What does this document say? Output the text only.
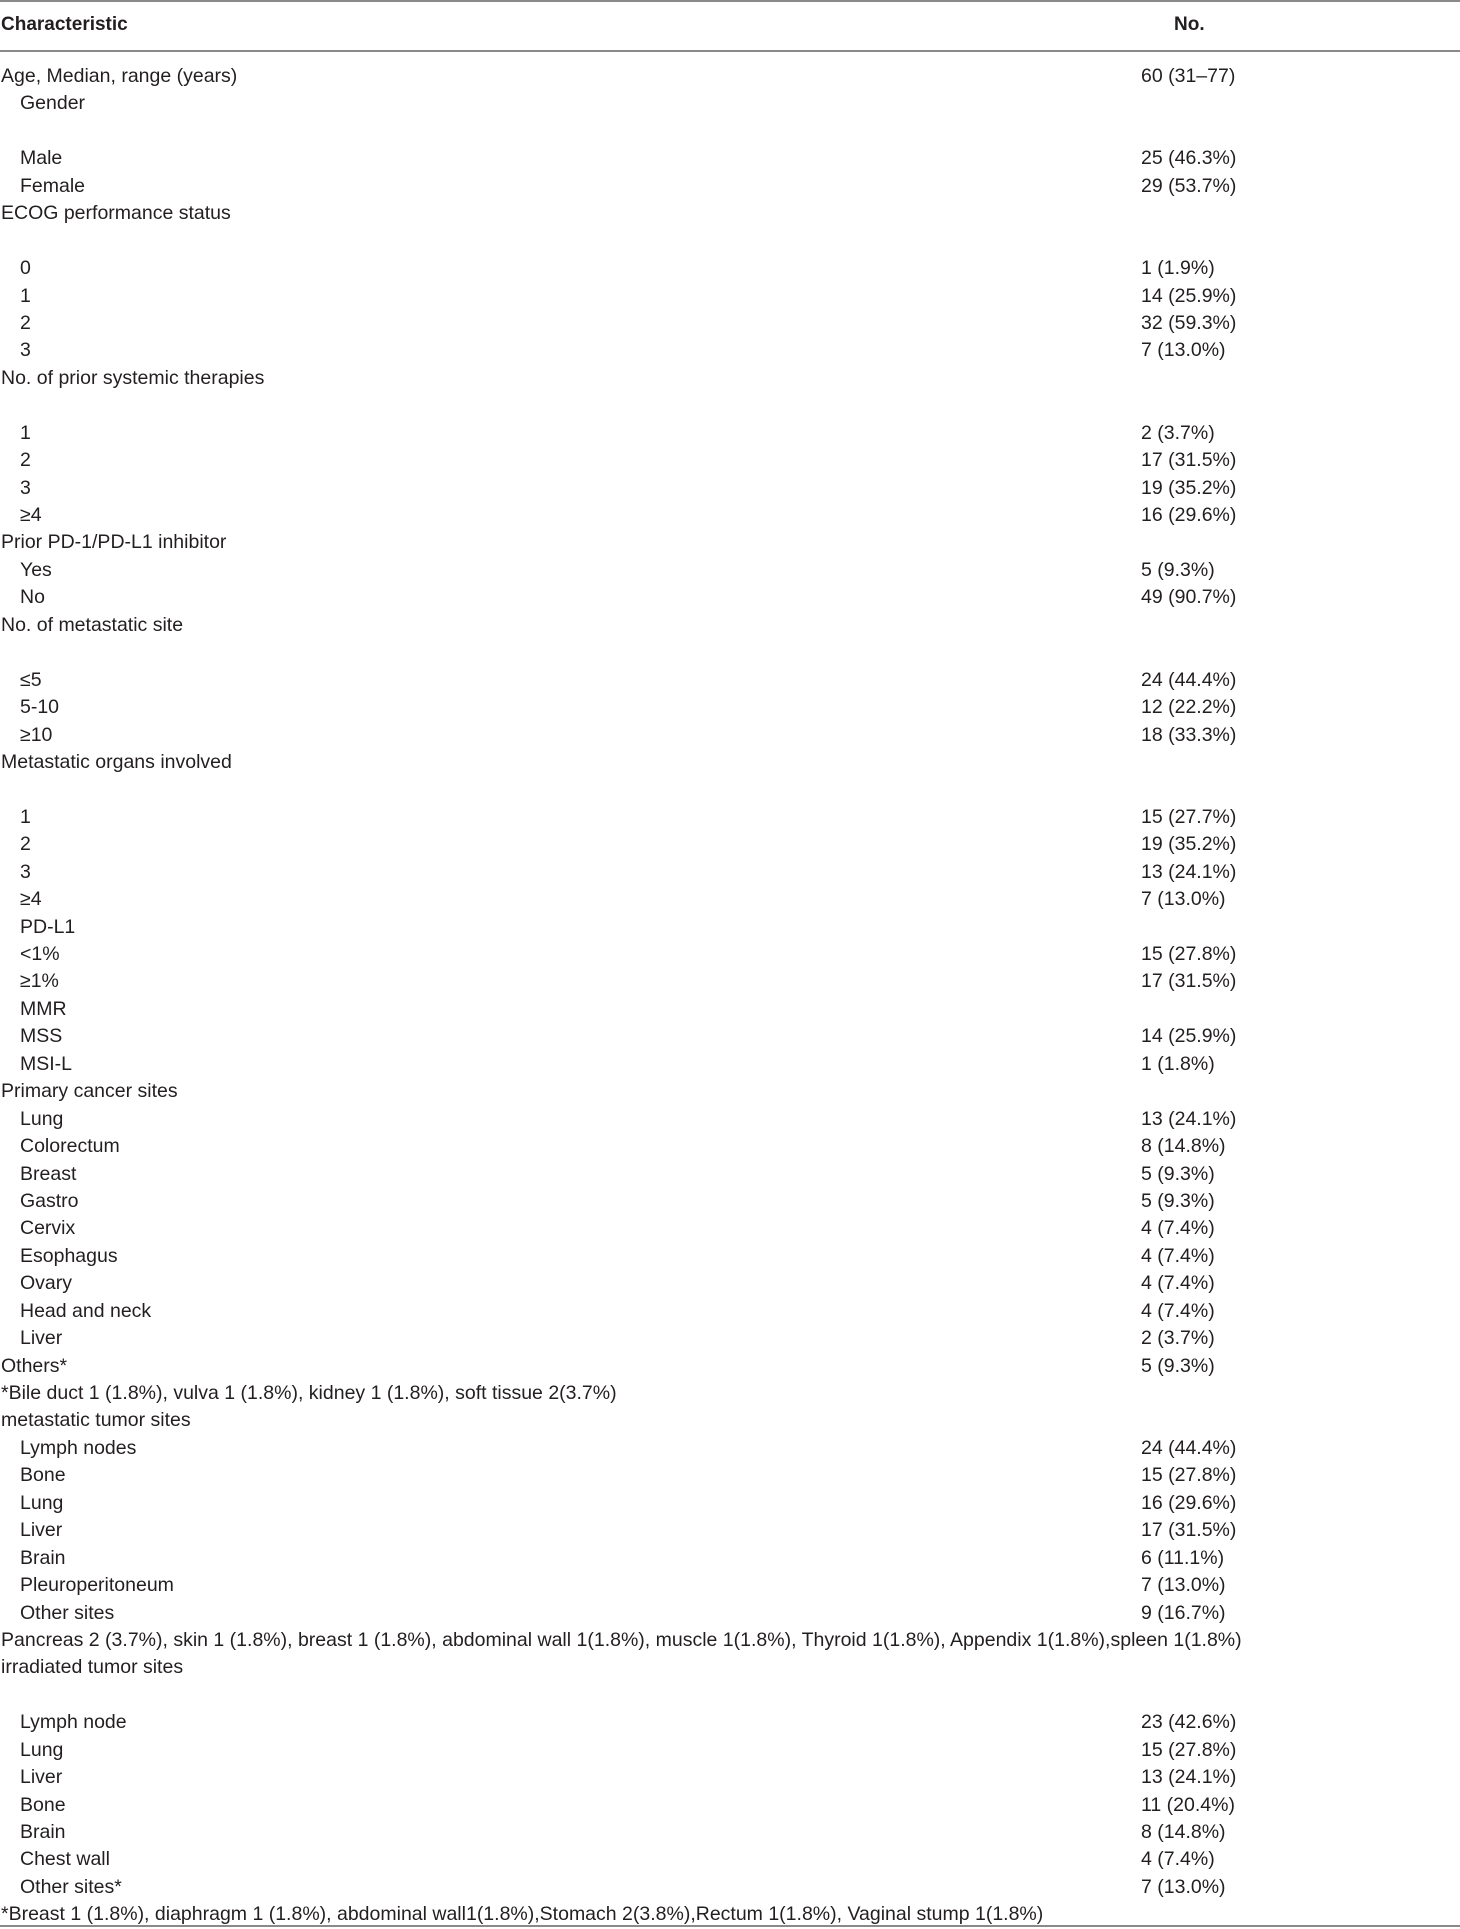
Characteristic	No.
Age, Median, range (years)	60 (31–77)
Gender
Male	25 (46.3%)
Female	29 (53.7%)
ECOG performance status
0	1 (1.9%)
1	14 (25.9%)
2	32 (59.3%)
3	7 (13.0%)
No. of prior systemic therapies
1	2 (3.7%)
2	17 (31.5%)
3	19 (35.2%)
≥4	16 (29.6%)
Prior PD-1/PD-L1 inhibitor
Yes	5 (9.3%)
No	49 (90.7%)
No. of metastatic site
≤5	24 (44.4%)
5-10	12 (22.2%)
≥10	18 (33.3%)
Metastatic organs involved
1	15 (27.7%)
2	19 (35.2%)
3	13 (24.1%)
≥4	7 (13.0%)
PD-L1
<1%	15 (27.8%)
≥1%	17 (31.5%)
MMR
MSS	14 (25.9%)
MSI-L	1 (1.8%)
Primary cancer sites
Lung	13 (24.1%)
Colorectum	8 (14.8%)
Breast	5 (9.3%)
Gastro	5 (9.3%)
Cervix	4 (7.4%)
Esophagus	4 (7.4%)
Ovary	4 (7.4%)
Head and neck	4 (7.4%)
Liver	2 (3.7%)
Others*	5 (9.3%)
*Bile duct 1 (1.8%), vulva 1 (1.8%), kidney 1 (1.8%), soft tissue 2(3.7%)
metastatic tumor sites
Lymph nodes	24 (44.4%)
Bone	15 (27.8%)
Lung	16 (29.6%)
Liver	17 (31.5%)
Brain	6 (11.1%)
Pleuroperitoneum	7 (13.0%)
Other sites	9 (16.7%)
Pancreas 2 (3.7%), skin 1 (1.8%), breast 1 (1.8%), abdominal wall 1(1.8%), muscle 1(1.8%), Thyroid 1(1.8%), Appendix 1(1.8%),spleen 1(1.8%)
irradiated tumor sites
Lymph node	23 (42.6%)
Lung	15 (27.8%)
Liver	13 (24.1%)
Bone	11 (20.4%)
Brain	8 (14.8%)
Chest wall	4 (7.4%)
Other sites*	7 (13.0%)
*Breast 1 (1.8%), diaphragm 1 (1.8%), abdominal wall1(1.8%),Stomach 2(3.8%),Rectum 1(1.8%), Vaginal stump 1(1.8%)
